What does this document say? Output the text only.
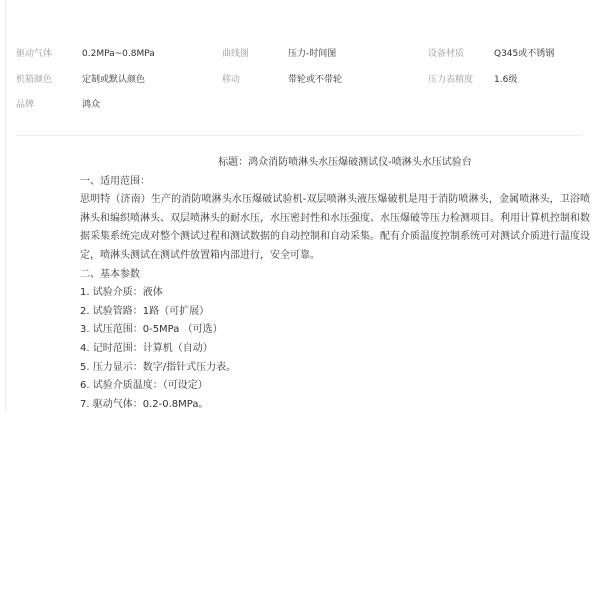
驱动气体	0.2MPa~0.8MPa	曲线图	压力-时间图	设备材质	Q345或不锈钢
机箱颜色	定制或默认颜色	移动	带轮或不带轮	压力表精度 1.6级
品牌	鸿众
标题：鸿众消防喷淋头水压爆破测试仪-喷淋头水压试验台
一、适用范围：

思明特（济南）生产的消防喷淋头水压爆破试验机-双层喷淋头液压爆破机是用于消防喷淋头，金属喷淋头，卫浴喷淋头和编织喷淋头、双层喷淋头的耐水压，水压密封性和水压强度、水压爆破等压力检测项目。利用计算机控制和数据采集系统完成对整个测试过程和测试数据的自动控制和自动采集。配有介质温度控制系统可对测试介质进行温度设定，喷淋头测试在测试件放置箱内部进行，安全可靠。

二、基本参数
1. 试验介质：液体
2. 试验管路：1路（可扩展）
3. 试压范围：0-5MPa （可选）
4. 记时范围：计算机（自动）
5. 压力显示：数字/指针式压力表。
6. 试验介质温度：（可设定）
7. 驱动气体：0.2-0.8MPa。
